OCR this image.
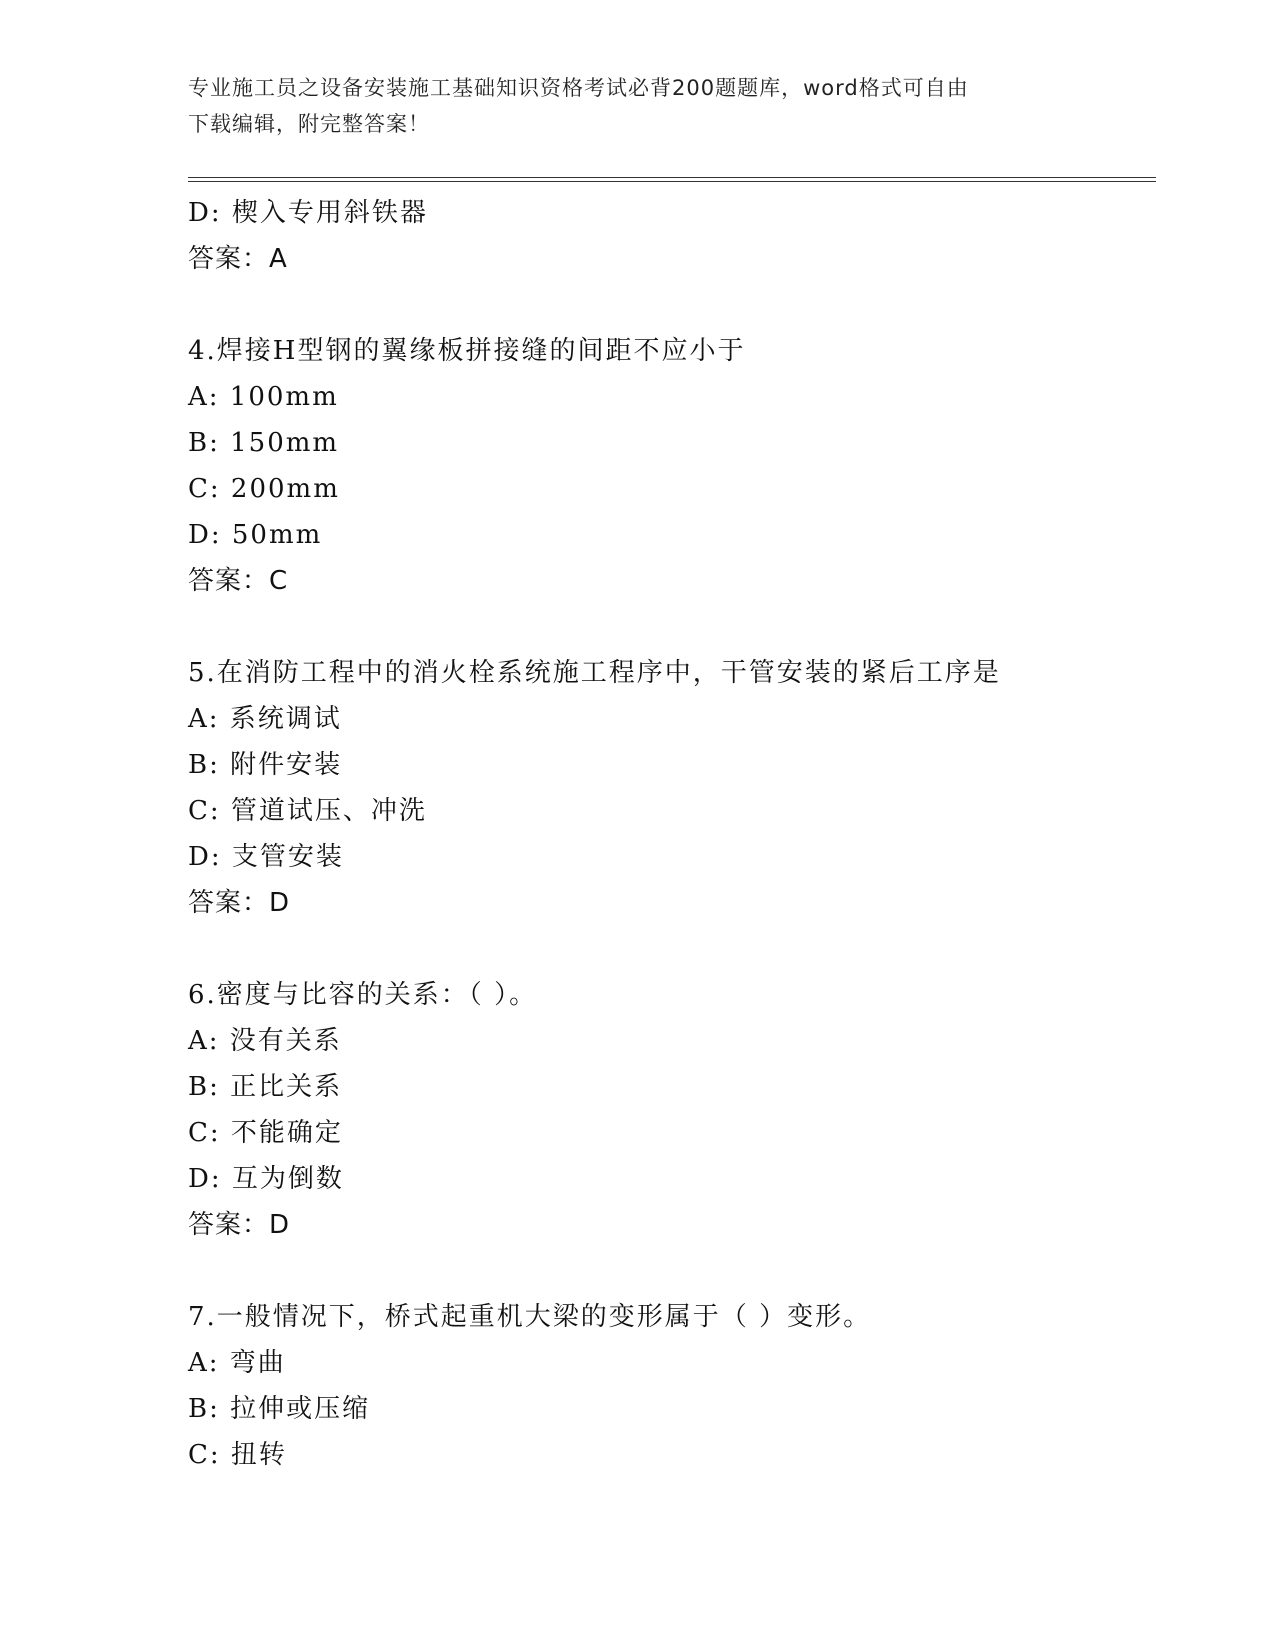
专业施工员之设备安装施工基础知识资格考试必背200题题库，word格式可自由
下载编辑，附完整答案！
D: 楔入专用斜铁器
答案：A
4.焊接H型钢的翼缘板拼接缝的间距不应小于
A: 100mm
B: 150mm
C: 200mm
D: 50mm
答案：C
5.在消防工程中的消火栓系统施工程序中，干管安装的紧后工序是
A: 系统调试
B: 附件安装
C: 管道试压、冲洗
D: 支管安装
答案：D
6.密度与比容的关系：（ ）。
A: 没有关系
B: 正比关系
C: 不能确定
D: 互为倒数
答案：D
7.一般情况下，桥式起重机大梁的变形属于（ ）变形。
A: 弯曲
B: 拉伸或压缩
C: 扭转
